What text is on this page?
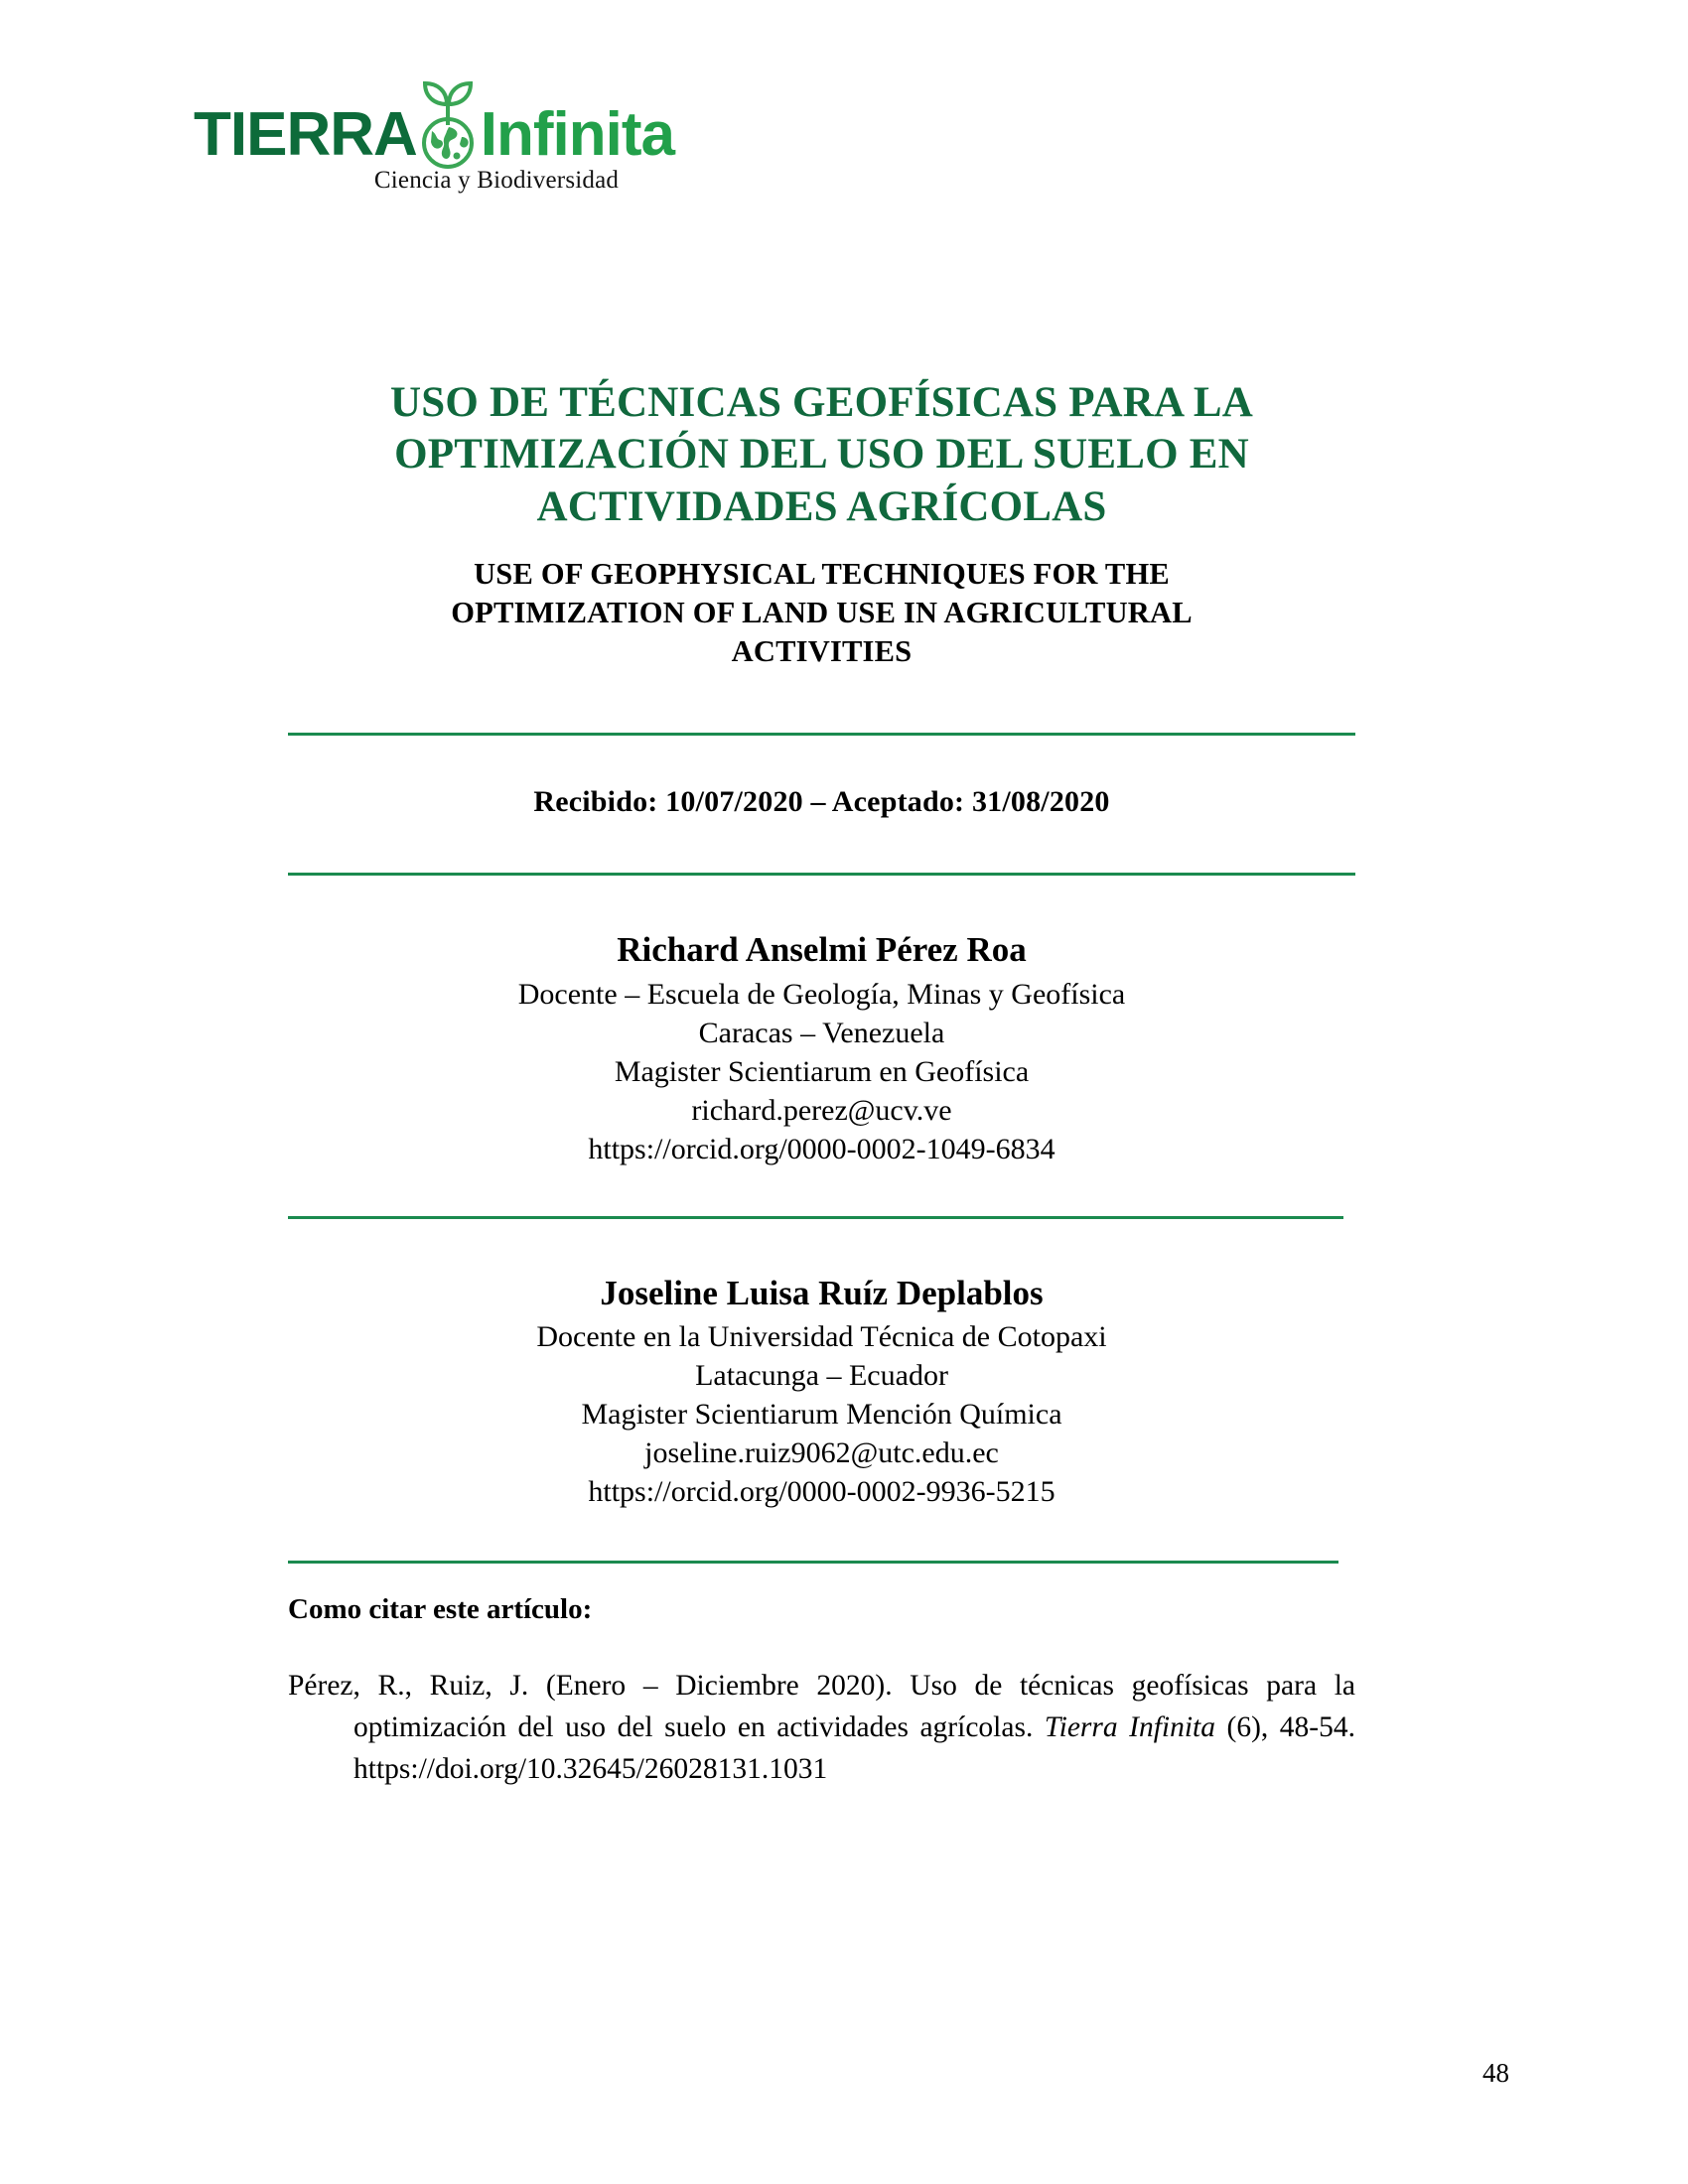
TIERRA Infinita
Ciencia y Biodiversidad
USO DE TÉCNICAS GEOFÍSICAS PARA LA
OPTIMIZACIÓN DEL USO DEL SUELO EN
ACTIVIDADES AGRÍCOLAS
USE OF GEOPHYSICAL TECHNIQUES FOR THE
OPTIMIZATION OF LAND USE IN AGRICULTURAL
ACTIVITIES
Recibido: 10/07/2020 – Aceptado: 31/08/2020
Richard Anselmi Pérez Roa
Docente – Escuela de Geología, Minas y Geofísica
Caracas – Venezuela
Magister Scientiarum en Geofísica
richard.perez@ucv.ve
https://orcid.org/0000-0002-1049-6834
Joseline Luisa Ruíz Deplablos
Docente en la Universidad Técnica de Cotopaxi
Latacunga – Ecuador
Magister Scientiarum Mención Química
joseline.ruiz9062@utc.edu.ec
https://orcid.org/0000-0002-9936-5215
Como citar este artículo:
Pérez, R., Ruiz, J. (Enero – Diciembre 2020). Uso de técnicas geofísicas para la optimización del uso del suelo en actividades agrícolas. Tierra Infinita (6), 48-54. https://doi.org/10.32645/26028131.1031
48
